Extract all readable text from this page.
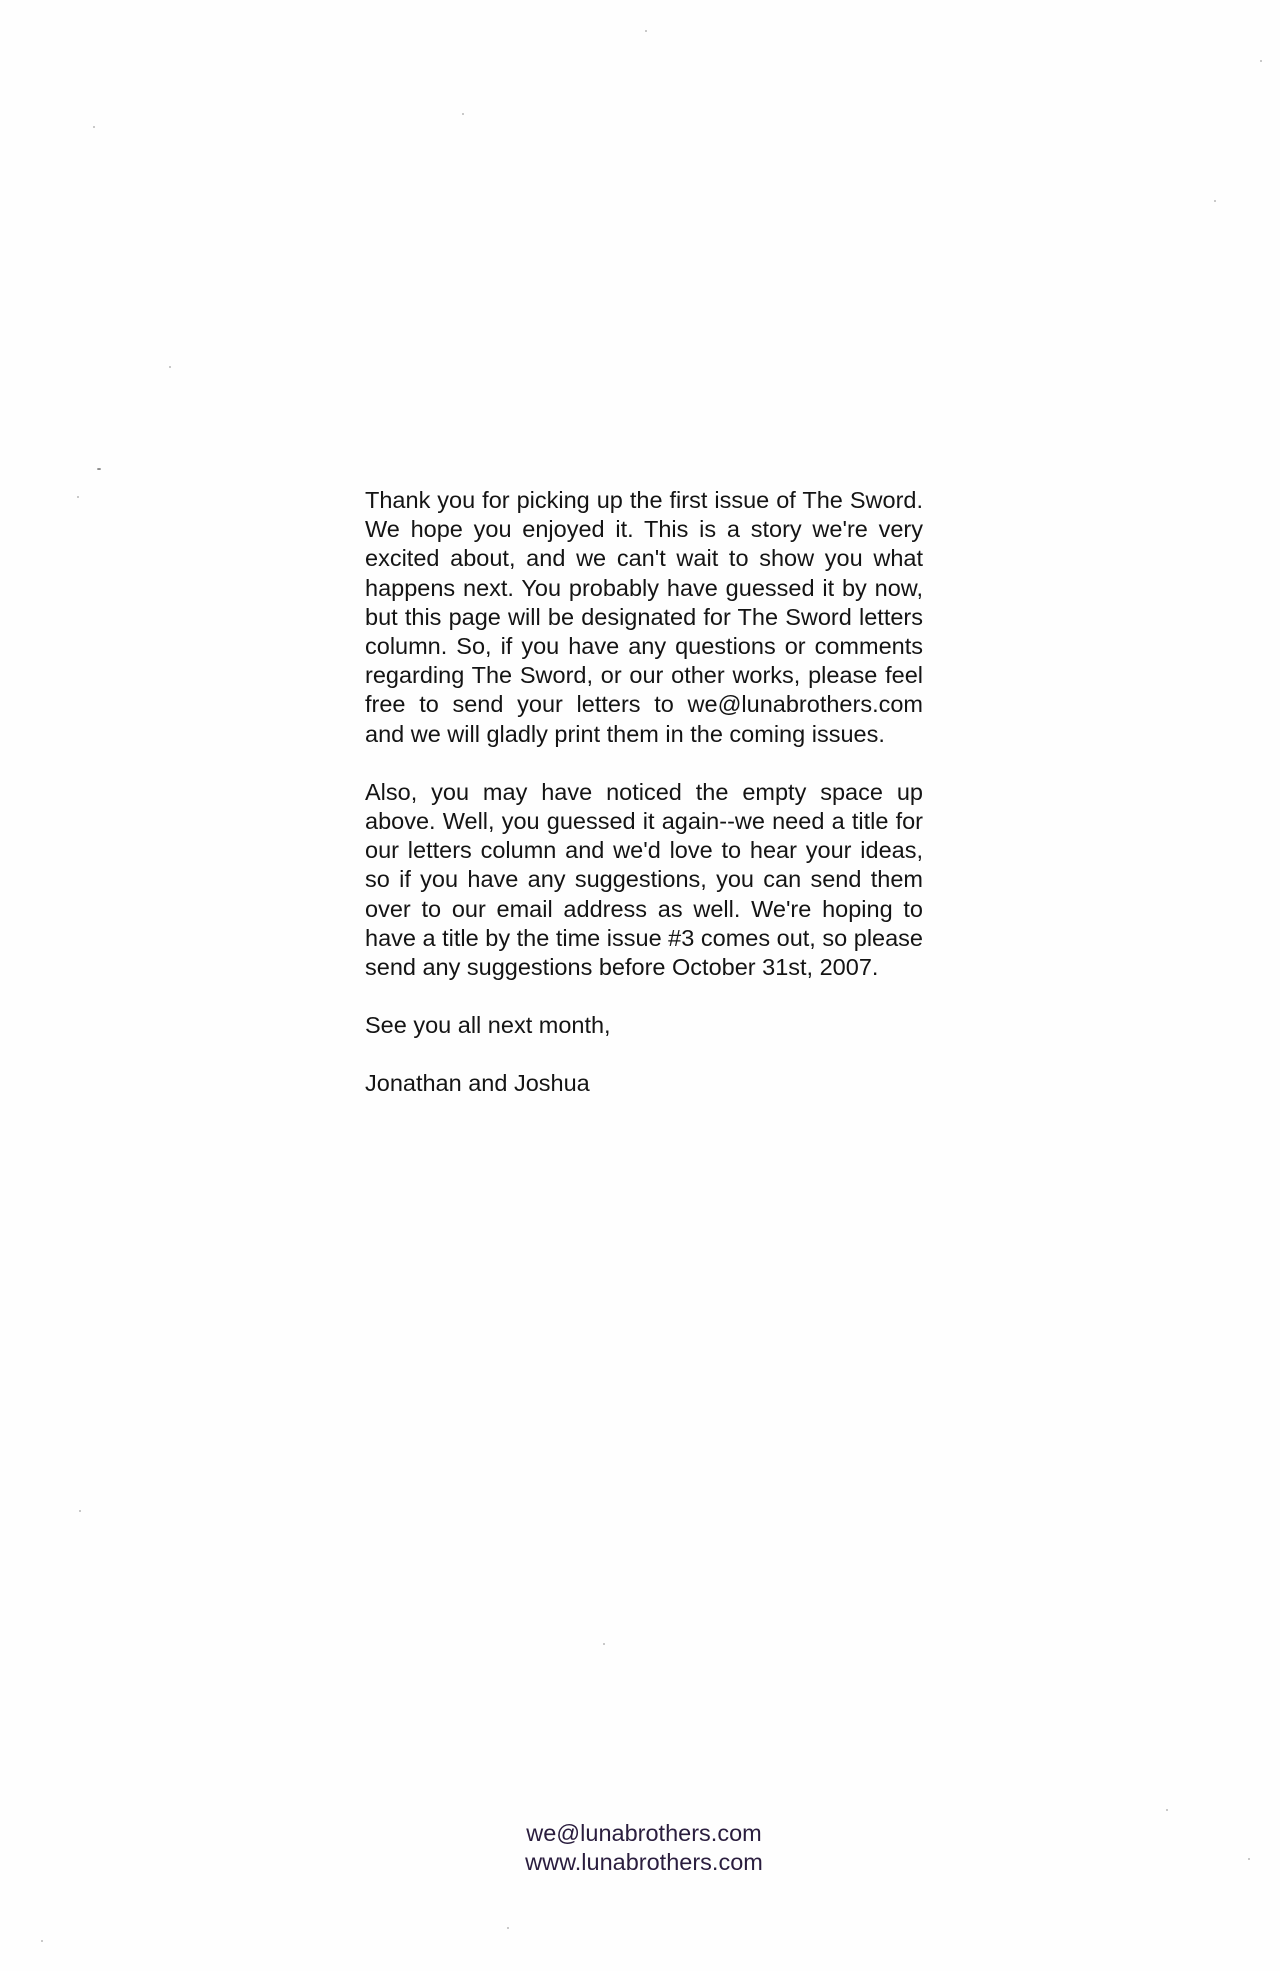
Thank you for picking up the first issue of The Sword. We hope you enjoyed it. This is a story we're very excited about, and we can't wait to show you what happens next. You probably have guessed it by now, but this page will be designated for The Sword letters column. So, if you have any questions or comments regarding The Sword, or our other works, please feel free to send your letters to we@lunabrothers.com and we will gladly print them in the coming issues.

Also, you may have noticed the empty space up above. Well, you guessed it again--we need a title for our letters column and we'd love to hear your ideas, so if you have any suggestions, you can send them over to our email address as well. We're hoping to have a title by the time issue #3 comes out, so please send any suggestions before October 31st, 2007.

See you all next month,

Jonathan and Joshua

we@lunabrothers.com
www.lunabrothers.com
